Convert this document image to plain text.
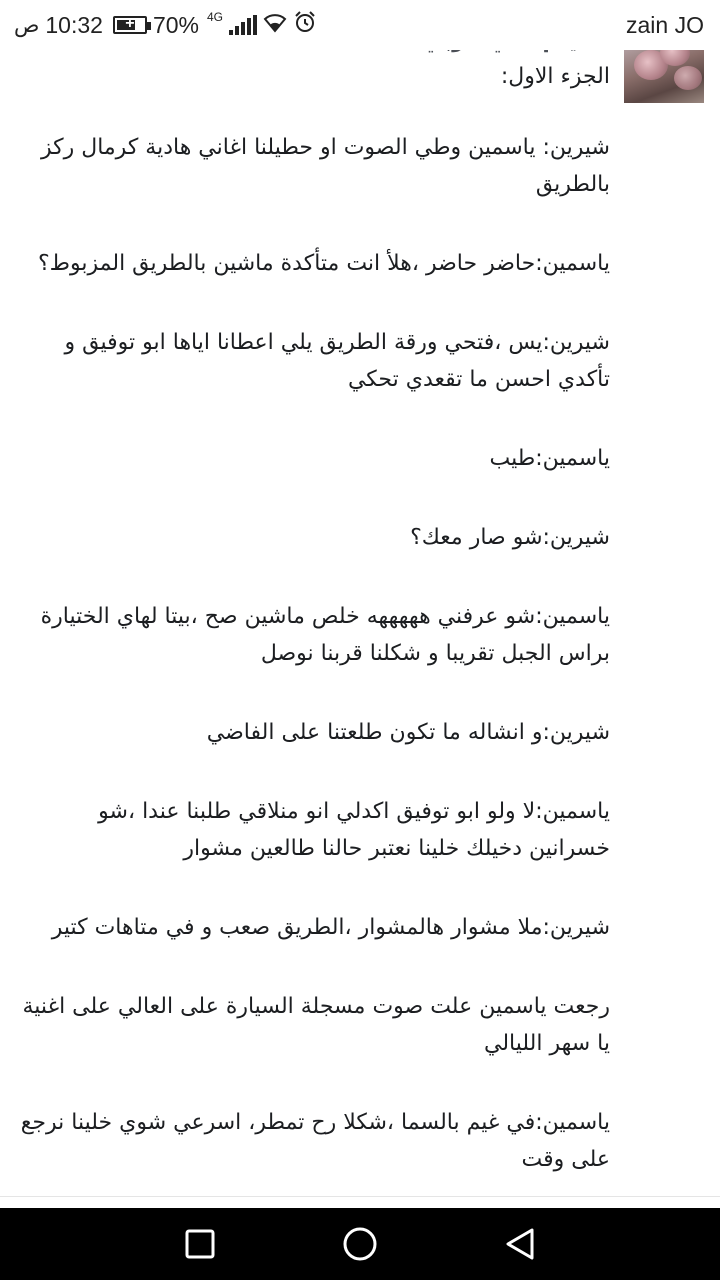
ص 10:32 + 70% 4G	zain JO
الجزء الاول:
شيرين: ياسمين وطي الصوت او حطيلنا اغاني هادية كرمال ركز بالطريق
ياسمين:حاضر حاضر ،هلأ انت متأكدة ماشين بالطريق المزبوط؟
شيرين:يس ،فتحي ورقة الطريق يلي اعطانا اياها ابو توفيق و تأكدي احسن ما تقعدي تحكي
ياسمين:طيب
شيرين:شو صار معك؟
ياسمين:شو عرفني هههههه خلص ماشين صح ،بيتا لهاي الختيارة براس الجبل تقريبا و شكلنا قربنا نوصل
شيرين:و انشاله ما تكون طلعتنا على الفاضي
ياسمين:لا ولو ابو توفيق اكدلي انو منلاقي طلبنا عندا ،شو خسرانين دخيلك خلينا نعتبر حالنا طالعين مشوار
شيرين:ملا مشوار هالمشوار ،الطريق صعب و في متاهات كتير
رجعت ياسمين علت صوت مسجلة السيارة على العالي على اغنية يا سهر الليالي
ياسمين:في غيم بالسما ،شكلا رح تمطر، اسرعي شوي خلينا نرجع على وقت
